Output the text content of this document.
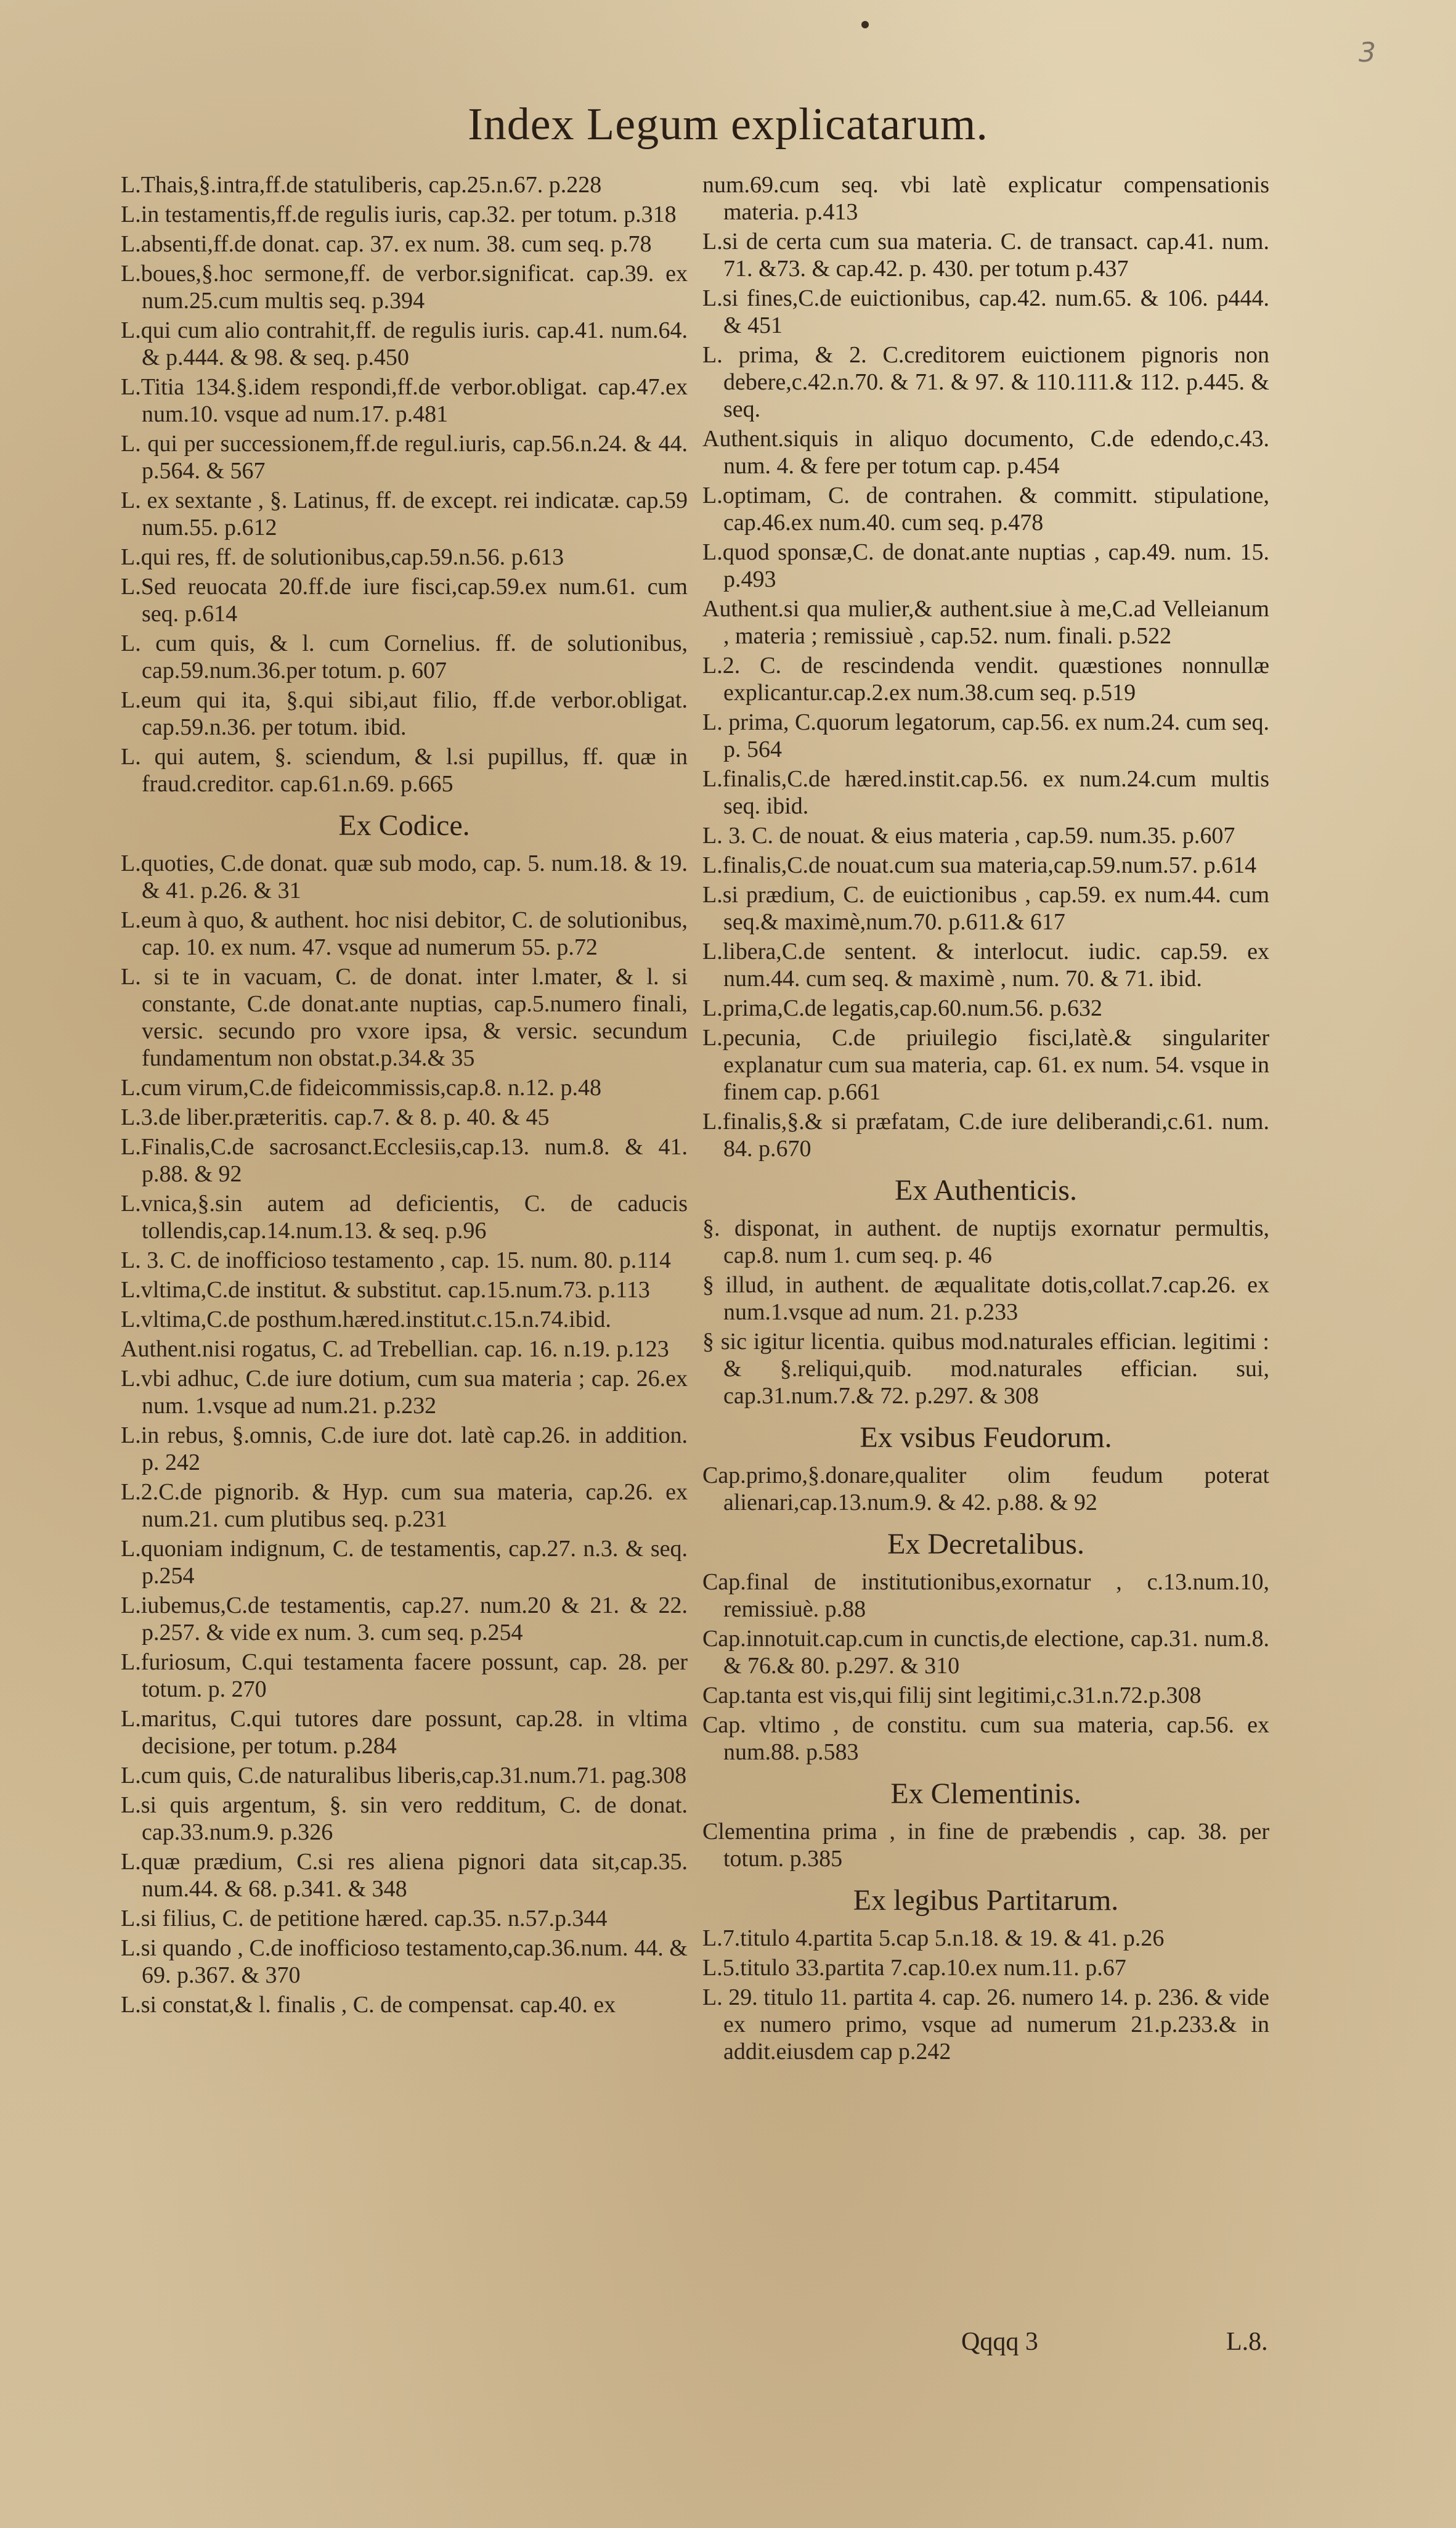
3
Index Legum explicatarum.

L.Thais,§.intra,ff.de statuliberis, cap.25.n.67. p.228

L.in testamentis,ff.de regulis iuris, cap.32. per totum. p.318

L.absenti,ff.de donat. cap. 37. ex num. 38. cum seq. p.78

L.boues,§.hoc sermone,ff. de verbor.significat. cap.39. ex num.25.cum multis seq. p.394

L.qui cum alio contrahit,ff. de regulis iuris. cap.41. num.64. & p.444. & 98. & seq. p.450

L.Titia 134.§.idem respondi,ff.de verbor.obligat. cap.47.ex num.10. vsque ad num.17. p.481

L. qui per successionem,ff.de regul.iuris, cap.56.n.24. & 44. p.564. & 567

L. ex sextante , §. Latinus, ff. de except. rei indicatæ. cap.59 num.55. p.612

L.qui res, ff. de solutionibus,cap.59.n.56. p.613

L.Sed reuocata 20.ff.de iure fisci,cap.59.ex num.61. cum seq. p.614

L. cum quis, & l. cum Cornelius. ff. de solutionibus, cap.59.num.36.per totum. p. 607

L.eum qui ita, §.qui sibi,aut filio, ff.de verbor.obligat. cap.59.n.36. per totum. ibid.

L. qui autem, §. sciendum, & l.si pupillus, ff. quæ in fraud.creditor. cap.61.n.69. p.665

Ex Codice.

L.quoties, C.de donat. quæ sub modo, cap. 5. num.18. & 19. & 41. p.26. & 31

L.eum à quo, & authent. hoc nisi debitor, C. de solutionibus, cap. 10. ex num. 47. vsque ad numerum 55. p.72

L. si te in vacuam, C. de donat. inter l.mater, & l. si constante, C.de donat.ante nuptias, cap.5.numero finali, versic. secundo pro vxore ipsa, & versic. secundum fundamentum non obstat.p.34.& 35

L.cum virum,C.de fideicommissis,cap.8. n.12. p.48

L.3.de liber.præteritis. cap.7. & 8. p. 40. & 45

L.Finalis,C.de sacrosanct.Ecclesiis,cap.13. num.8. & 41. p.88. & 92

L.vnica,§.sin autem ad deficientis, C. de caducis tollendis,cap.14.num.13. & seq. p.96

L. 3. C. de inofficioso testamento , cap. 15. num. 80. p.114

L.vltima,C.de institut. & substitut. cap.15.num.73. p.113

L.vltima,C.de posthum.hæred.institut.c.15.n.74.ibid.

Authent.nisi rogatus, C. ad Trebellian. cap. 16. n.19. p.123

L.vbi adhuc, C.de iure dotium, cum sua materia ; cap. 26.ex num. 1.vsque ad num.21. p.232

L.in rebus, §.omnis, C.de iure dot. latè cap.26. in addition. p. 242

L.2.C.de pignorib. & Hyp. cum sua materia, cap.26. ex num.21. cum plutibus seq. p.231

L.quoniam indignum, C. de testamentis, cap.27. n.3. & seq. p.254

L.iubemus,C.de testamentis, cap.27. num.20 & 21. & 22. p.257. & vide ex num. 3. cum seq. p.254

L.furiosum, C.qui testamenta facere possunt, cap. 28. per totum. p. 270

L.maritus, C.qui tutores dare possunt, cap.28. in vltima decisione, per totum. p.284

L.cum quis, C.de naturalibus liberis,cap.31.num.71. pag.308

L.si quis argentum, §. sin vero redditum, C. de donat. cap.33.num.9. p.326

L.quæ prædium, C.si res aliena pignori data sit,cap.35. num.44. & 68. p.341. & 348

L.si filius, C. de petitione hæred. cap.35. n.57.p.344

L.si quando , C.de inofficioso testamento,cap.36.num. 44. & 69. p.367. & 370

L.si constat,& l. finalis , C. de compensat. cap.40. ex

num.69.cum seq. vbi latè explicatur compensationis materia. p.413

L.si de certa cum sua materia. C. de transact. cap.41. num. 71. &73. & cap.42. p. 430. per totum p.437

L.si fines,C.de euictionibus, cap.42. num.65. & 106. p444. & 451

L. prima, & 2. C.creditorem euictionem pignoris non debere,c.42.n.70. & 71. & 97. & 110.111.& 112. p.445. & seq.

Authent.siquis in aliquo documento, C.de edendo,c.43. num. 4. & fere per totum cap. p.454

L.optimam, C. de contrahen. & committ. stipulatione, cap.46.ex num.40. cum seq. p.478

L.quod sponsæ,C. de donat.ante nuptias , cap.49. num. 15. p.493

Authent.si qua mulier,& authent.siue à me,C.ad Velleianum , materia ; remissiuè , cap.52. num. finali. p.522

L.2. C. de rescindenda vendit. quæstiones nonnullæ explicantur.cap.2.ex num.38.cum seq. p.519

L. prima, C.quorum legatorum, cap.56. ex num.24. cum seq. p. 564

L.finalis,C.de hæred.instit.cap.56. ex num.24.cum multis seq. ibid.

L. 3. C. de nouat. & eius materia , cap.59. num.35. p.607

L.finalis,C.de nouat.cum sua materia,cap.59.num.57. p.614

L.si prædium, C. de euictionibus , cap.59. ex num.44. cum seq.& maximè,num.70. p.611.& 617

L.libera,C.de sentent. & interlocut. iudic. cap.59. ex num.44. cum seq. & maximè , num. 70. & 71. ibid.

L.prima,C.de legatis,cap.60.num.56. p.632

L.pecunia, C.de priuilegio fisci,latè.& singulariter explanatur cum sua materia, cap. 61. ex num. 54. vsque in finem cap. p.661

L.finalis,§.& si præfatam, C.de iure deliberandi,c.61. num. 84. p.670

Ex Authenticis.

§. disponat, in authent. de nuptijs exornatur permultis, cap.8. num 1. cum seq. p. 46

§ illud, in authent. de æqualitate dotis,collat.7.cap.26. ex num.1.vsque ad num. 21. p.233

§ sic igitur licentia. quibus mod.naturales effician. legitimi : & §.reliqui,quib. mod.naturales effician. sui, cap.31.num.7.& 72. p.297. & 308

Ex vsibus Feudorum.

Cap.primo,§.donare,qualiter olim feudum poterat alienari,cap.13.num.9. & 42. p.88. & 92

Ex Decretalibus.

Cap.final de institutionibus,exornatur , c.13.num.10, remissiuè. p.88

Cap.innotuit.cap.cum in cunctis,de electione, cap.31. num.8. & 76.& 80. p.297. & 310

Cap.tanta est vis,qui filij sint legitimi,c.31.n.72.p.308

Cap. vltimo , de constitu. cum sua materia, cap.56. ex num.88. p.583

Ex Clementinis.

Clementina prima , in fine de præbendis , cap. 38. per totum. p.385

Ex legibus Partitarum.

L.7.titulo 4.partita 5.cap 5.n.18. & 19. & 41. p.26

L.5.titulo 33.partita 7.cap.10.ex num.11. p.67

L. 29. titulo 11. partita 4. cap. 26. numero 14. p. 236. & vide ex numero primo, vsque ad numerum 21.p.233.& in addit.eiusdem cap p.242

Qqqq 3	L.8.
